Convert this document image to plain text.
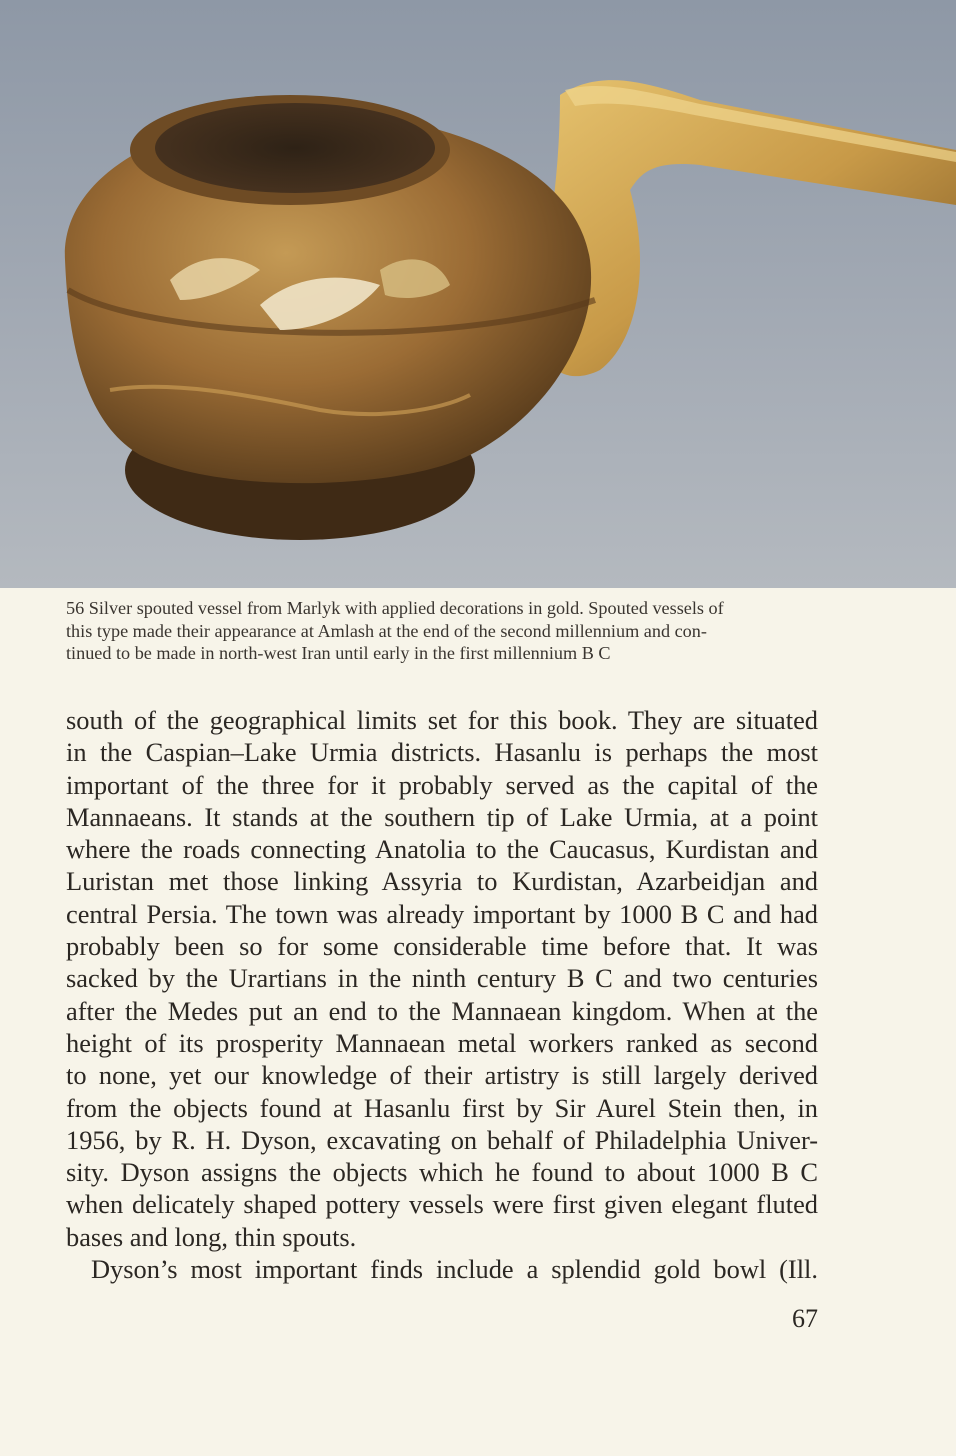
56 Silver spouted vessel from Marlyk with applied decorations in gold. Spouted vessels of

this type made their appearance at Amlash at the end of the second millennium and con-

tinued to be made in north-west Iran until early in the first millennium B C

south of the geographical limits set for this book. They are situated
in the Caspian–Lake Urmia districts. Hasanlu is perhaps the most
important of the three for it probably served as the capital of the
Mannaeans. It stands at the southern tip of Lake Urmia, at a point
where the roads connecting Anatolia to the Caucasus, Kurdistan and
Luristan met those linking Assyria to Kurdistan, Azarbeidjan and
central Persia. The town was already important by 1000 B C and had
probably been so for some considerable time before that. It was
sacked by the Urartians in the ninth century B C and two centuries
after the Medes put an end to the Mannaean kingdom. When at the
height of its prosperity Mannaean metal workers ranked as second
to none, yet our knowledge of their artistry is still largely derived
from the objects found at Hasanlu first by Sir Aurel Stein then, in
1956, by R. H. Dyson, excavating on behalf of Philadelphia Univer-
sity. Dyson assigns the objects which he found to about 1000 B C
when delicately shaped pottery vessels were first given elegant fluted
bases and long, thin spouts.
Dyson’s most important finds include a splendid gold bowl (Ill.
67
